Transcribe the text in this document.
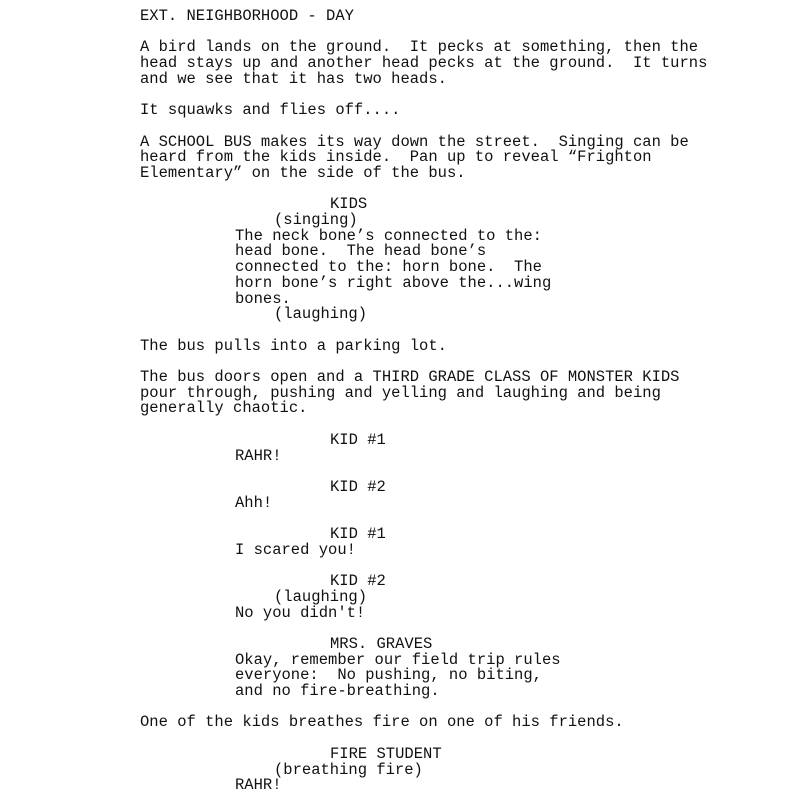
EXT. NEIGHBORHOOD - DAY
A bird lands on the ground.  It pecks at something, then the
head stays up and another head pecks at the ground.  It turns
and we see that it has two heads.
It squawks and flies off....
A SCHOOL BUS makes its way down the street.  Singing can be
heard from the kids inside.  Pan up to reveal “Frighton
Elementary” on the side of the bus.
KIDS
(singing)
The neck bone’s connected to the:
head bone.  The head bone’s
connected to the: horn bone.  The
horn bone’s right above the...wing
bones.
(laughing)
The bus pulls into a parking lot.
The bus doors open and a THIRD GRADE CLASS OF MONSTER KIDS
pour through, pushing and yelling and laughing and being
generally chaotic.
KID #1
RAHR!
KID #2
Ahh!
KID #1
I scared you!
KID #2
(laughing)
No you didn't!
MRS. GRAVES
Okay, remember our field trip rules
everyone:  No pushing, no biting,
and no fire-breathing.
One of the kids breathes fire on one of his friends.
FIRE STUDENT
(breathing fire)
RAHR!
